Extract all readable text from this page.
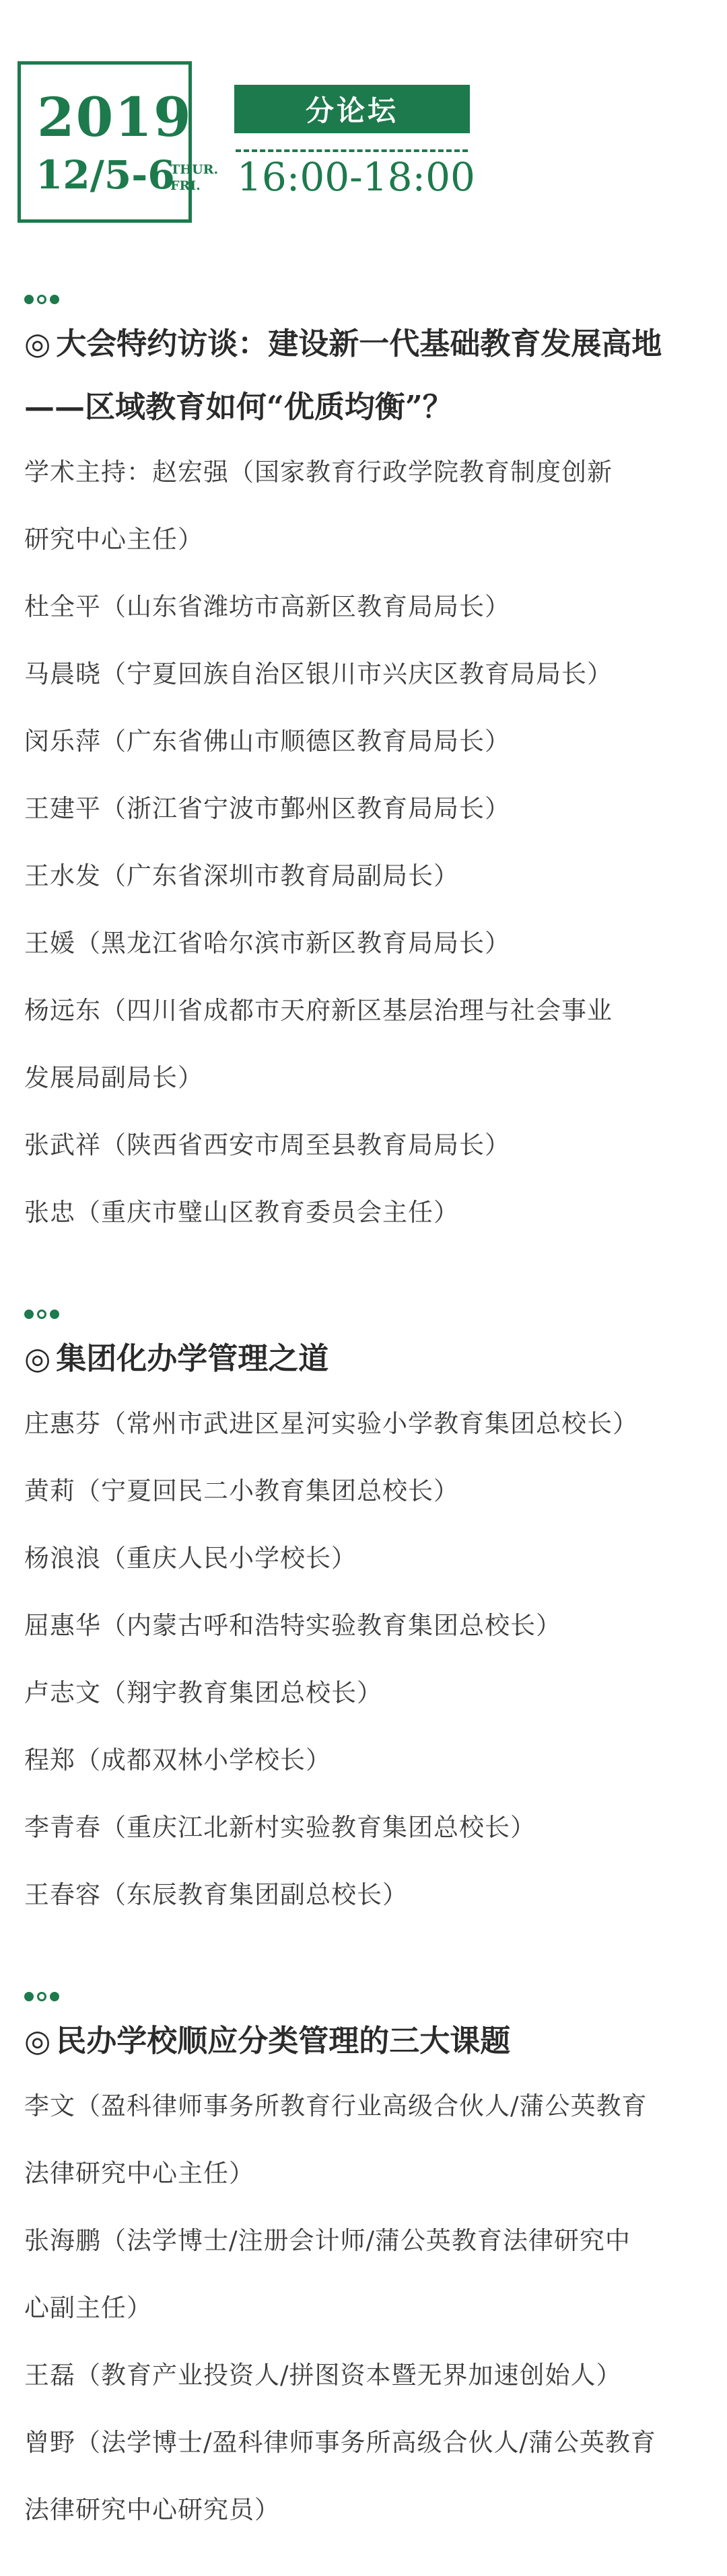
2019
12/5-6
THUR.
FRI.
分论坛
16:00-18:00
◎ 大会特约访谈：建设新一代基础教育发展高地
——区域教育如何“优质均衡”？
学术主持：赵宏强（国家教育行政学院教育制度创新
研究中心主任）
杜全平（山东省潍坊市高新区教育局局长）
马晨晓（宁夏回族自治区银川市兴庆区教育局局长）
闵乐萍（广东省佛山市顺德区教育局局长）
王建平（浙江省宁波市鄞州区教育局局长）
王水发（广东省深圳市教育局副局长）
王媛（黑龙江省哈尔滨市新区教育局局长）
杨远东（四川省成都市天府新区基层治理与社会事业
发展局副局长）
张武祥（陕西省西安市周至县教育局局长）
张忠（重庆市璧山区教育委员会主任）
◎ 集团化办学管理之道
庄惠芬（常州市武进区星河实验小学教育集团总校长）
黄莉（宁夏回民二小教育集团总校长）
杨浪浪（重庆人民小学校长）
屈惠华（内蒙古呼和浩特实验教育集团总校长）
卢志文（翔宇教育集团总校长）
程郑（成都双林小学校长）
李青春（重庆江北新村实验教育集团总校长）
王春容（东辰教育集团副总校长）
◎ 民办学校顺应分类管理的三大课题
李文（盈科律师事务所教育行业高级合伙人/蒲公英教育
法律研究中心主任）
张海鹏（法学博士/注册会计师/蒲公英教育法律研究中
心副主任）
王磊（教育产业投资人/拼图资本暨无界加速创始人）
曾野（法学博士/盈科律师事务所高级合伙人/蒲公英教育
法律研究中心研究员）
